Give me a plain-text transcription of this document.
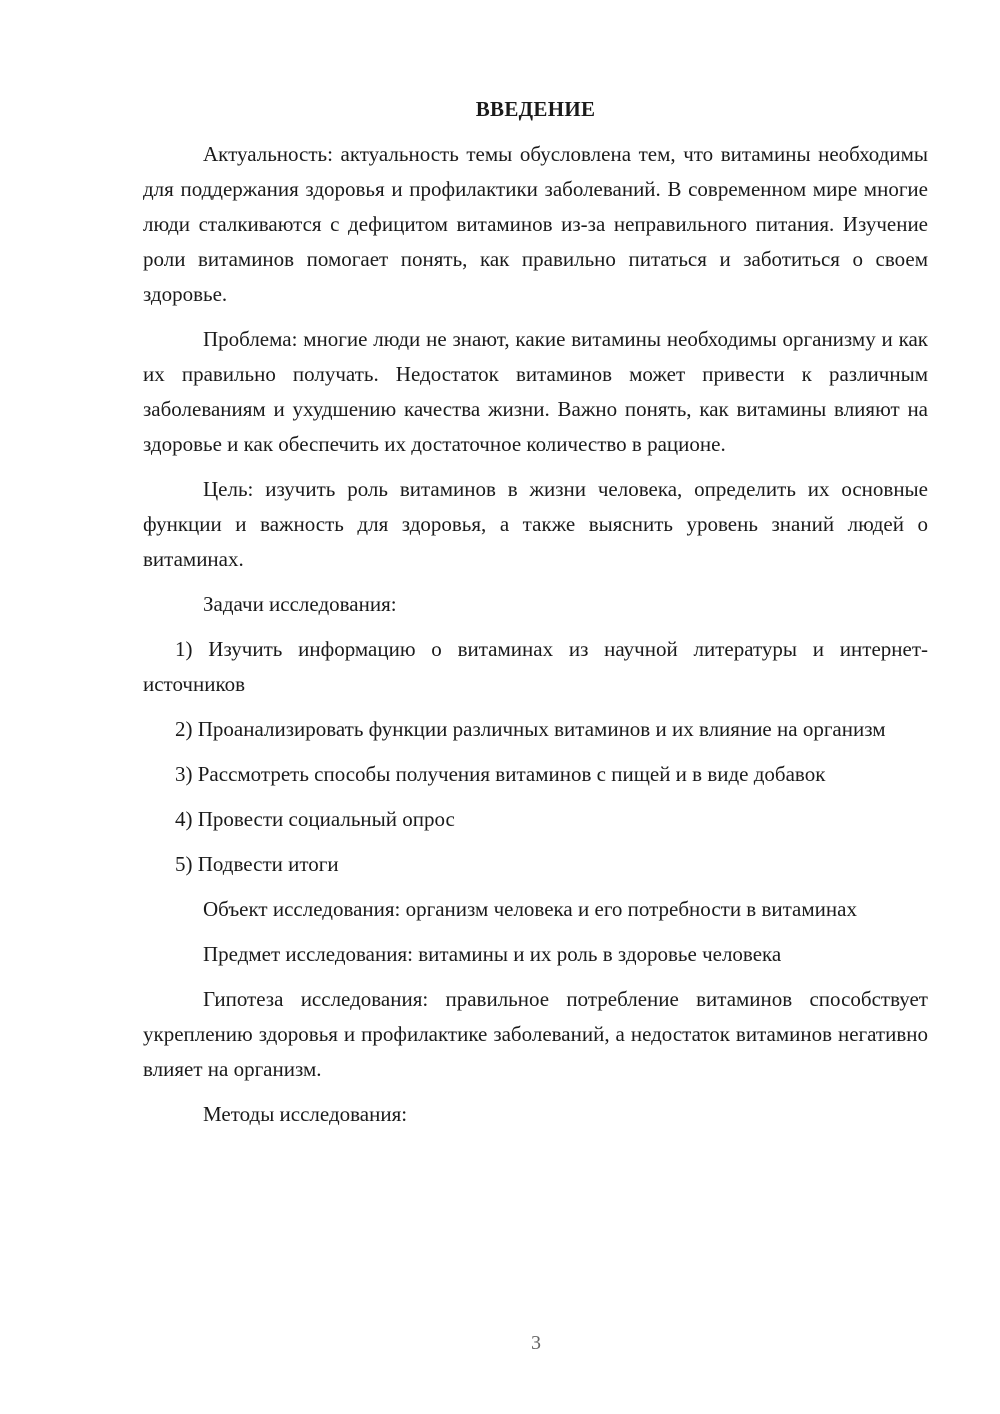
ВВЕДЕНИЕ

Актуальность: актуальность темы обусловлена тем, что витамины необходимы для поддержания здоровья и профилактики заболеваний. В современном мире многие люди сталкиваются с дефицитом витаминов из-за неправильного питания. Изучение роли витаминов помогает понять, как правильно питаться и заботиться о своем здоровье.

Проблема: многие люди не знают, какие витамины необходимы организму и как их правильно получать. Недостаток витаминов может привести к различным заболеваниям и ухудшению качества жизни. Важно понять, как витамины влияют на здоровье и как обеспечить их достаточное количество в рационе.

Цель: изучить роль витаминов в жизни человека, определить их основные функции и важность для здоровья, а также выяснить уровень знаний людей о витаминах.

Задачи исследования:

1) Изучить информацию о витаминах из научной литературы и интернет-источников

2) Проанализировать функции различных витаминов и их влияние на организм

3) Рассмотреть способы получения витаминов с пищей и в виде добавок

4) Провести социальный опрос

5) Подвести итоги

Объект исследования: организм человека и его потребности в витаминах

Предмет исследования: витамины и их роль в здоровье человека

Гипотеза исследования: правильное потребление витаминов способствует укреплению здоровья и профилактике заболеваний, а недостаток витаминов негативно влияет на организм.

Методы исследования:

3
